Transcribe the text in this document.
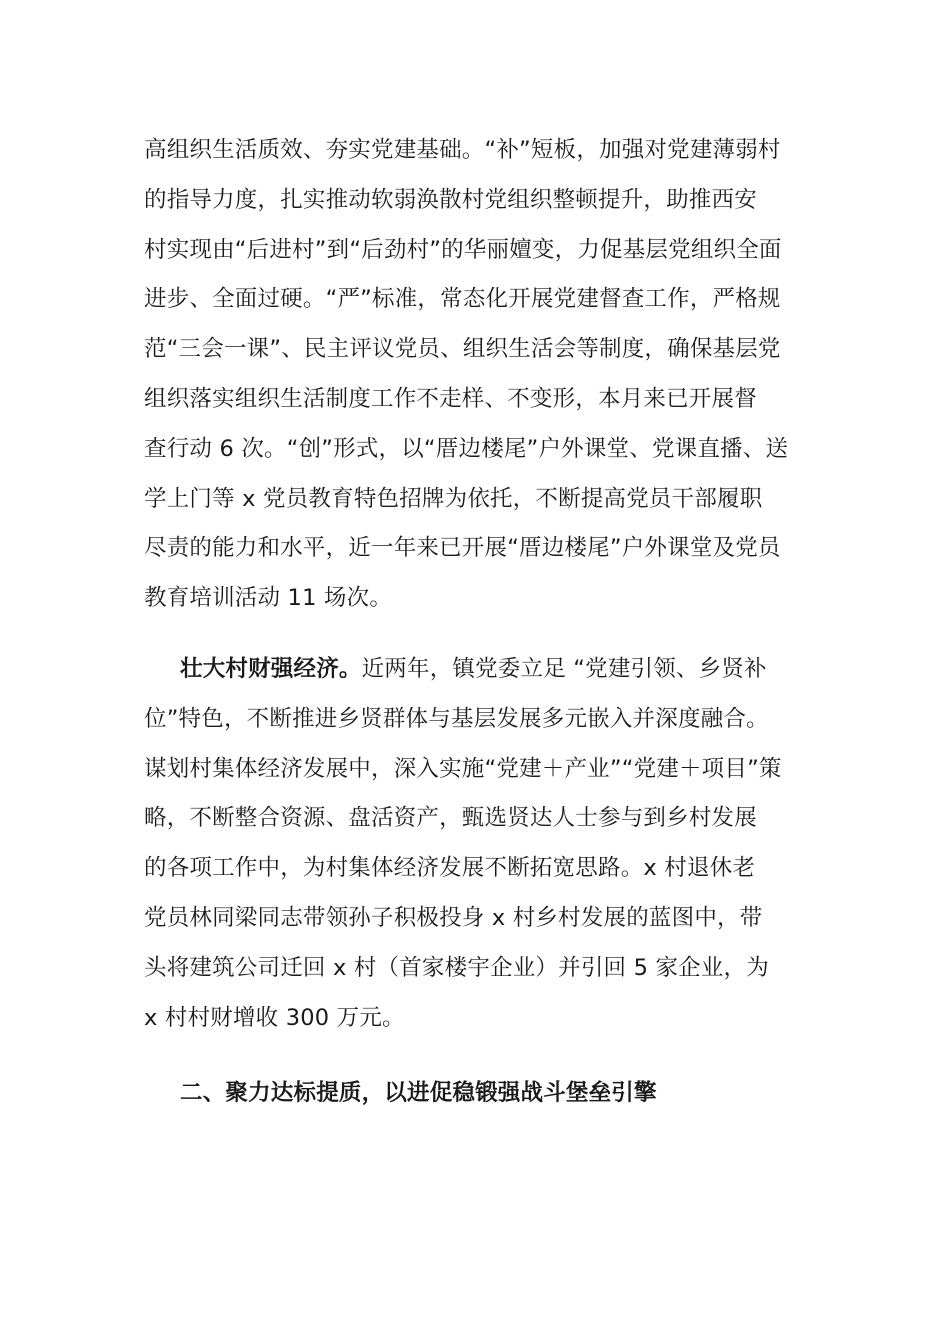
高组织生活质效、夯实党建基础。“补”短板，加强对党建薄弱村
的指导力度，扎实推动软弱涣散村党组织整顿提升，助推西安
村实现由“后进村”到“后劲村”的华丽嬗变，力促基层党组织全面
进步、全面过硬。“严”标准，常态化开展党建督查工作，严格规
范“三会一课”、民主评议党员、组织生活会等制度，确保基层党
组织落实组织生活制度工作不走样、不变形，本月来已开展督
查行动 6 次。“创”形式，以“厝边楼尾”户外课堂、党课直播、送
学上门等 x 党员教育特色招牌为依托，不断提高党员干部履职
尽责的能力和水平，近一年来已开展“厝边楼尾”户外课堂及党员
教育培训活动 11 场次。
壮大村财强经济。近两年，镇党委立足 “党建引领、乡贤补
位”特色，不断推进乡贤群体与基层发展多元嵌入并深度融合。
谋划村集体经济发展中，深入实施“党建＋产业”“党建＋项目”策
略，不断整合资源、盘活资产，甄选贤达人士参与到乡村发展
的各项工作中，为村集体经济发展不断拓宽思路。x 村退休老
党员林同梁同志带领孙子积极投身 x 村乡村发展的蓝图中，带
头将建筑公司迁回 x 村（首家楼宇企业）并引回 5 家企业，为
x 村村财增收 300 万元。
二、聚力达标提质，以进促稳锻强战斗堡垒引擎
